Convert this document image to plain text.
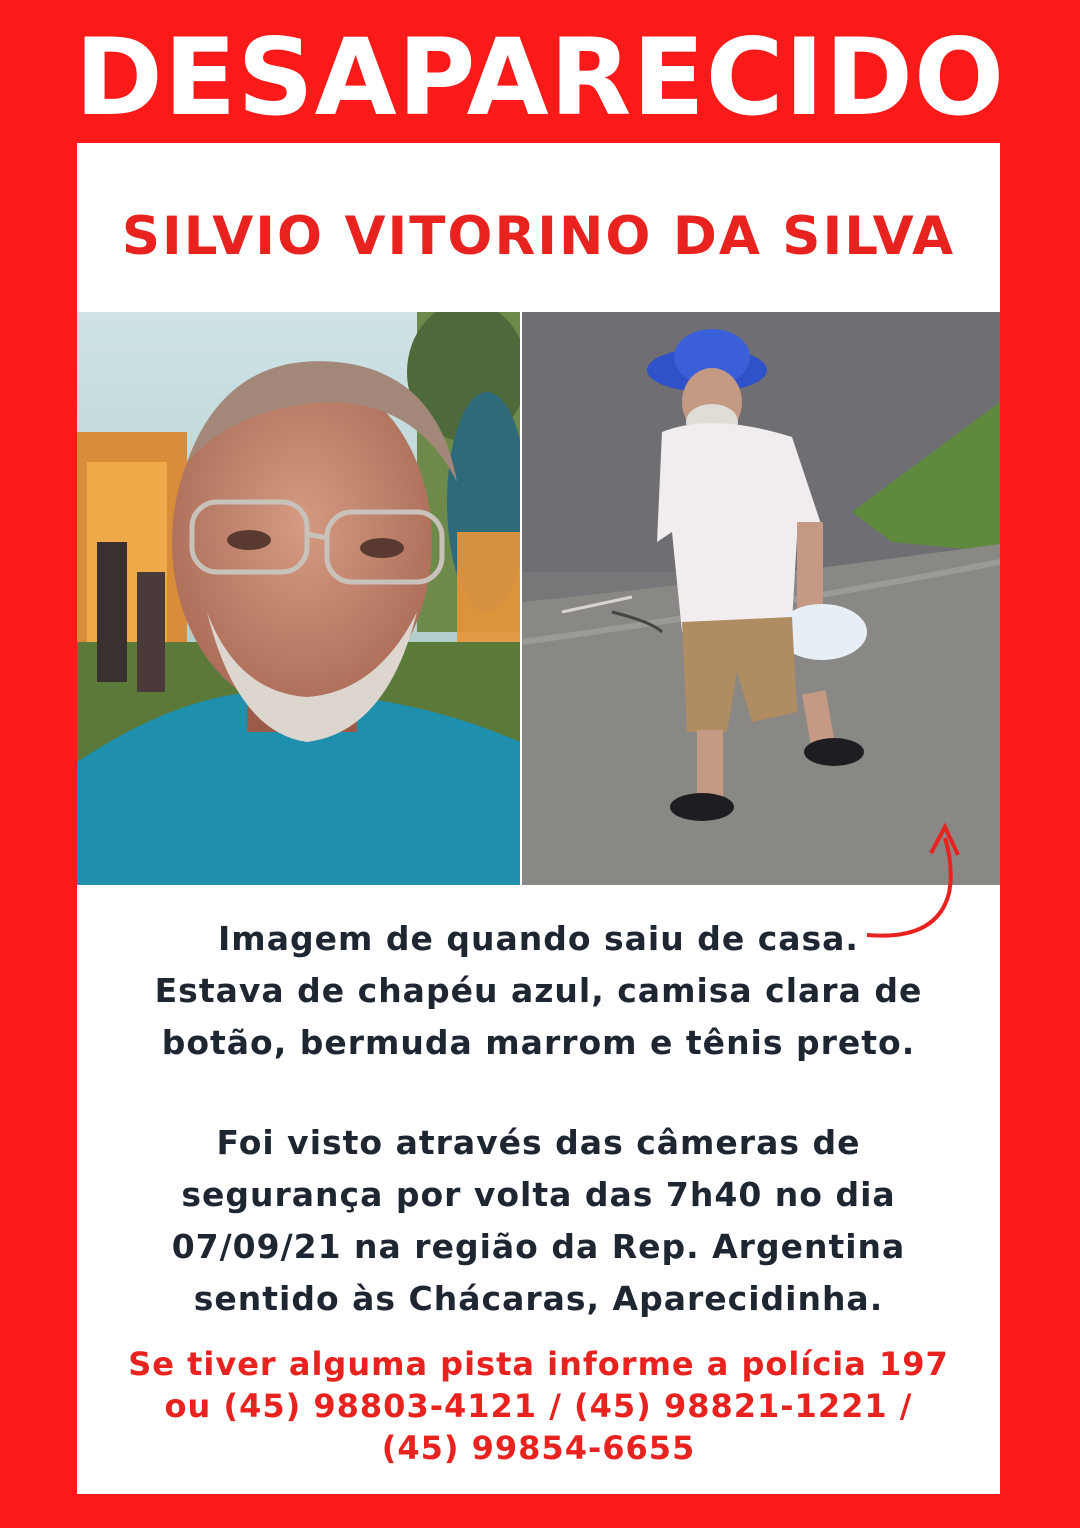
DESAPARECIDO
SILVIO VITORINO DA SILVA
Imagem de quando saiu de casa.
Estava de chapéu azul, camisa clara de
botão, bermuda marrom e tênis preto.
Foi visto através das câmeras de
segurança por volta das 7h40 no dia
07/09/21 na região da Rep. Argentina
sentido às Chácaras, Aparecidinha.
Se tiver alguma pista informe a polícia 197
ou (45) 98803-4121 / (45) 98821-1221 /
(45) 99854-6655
